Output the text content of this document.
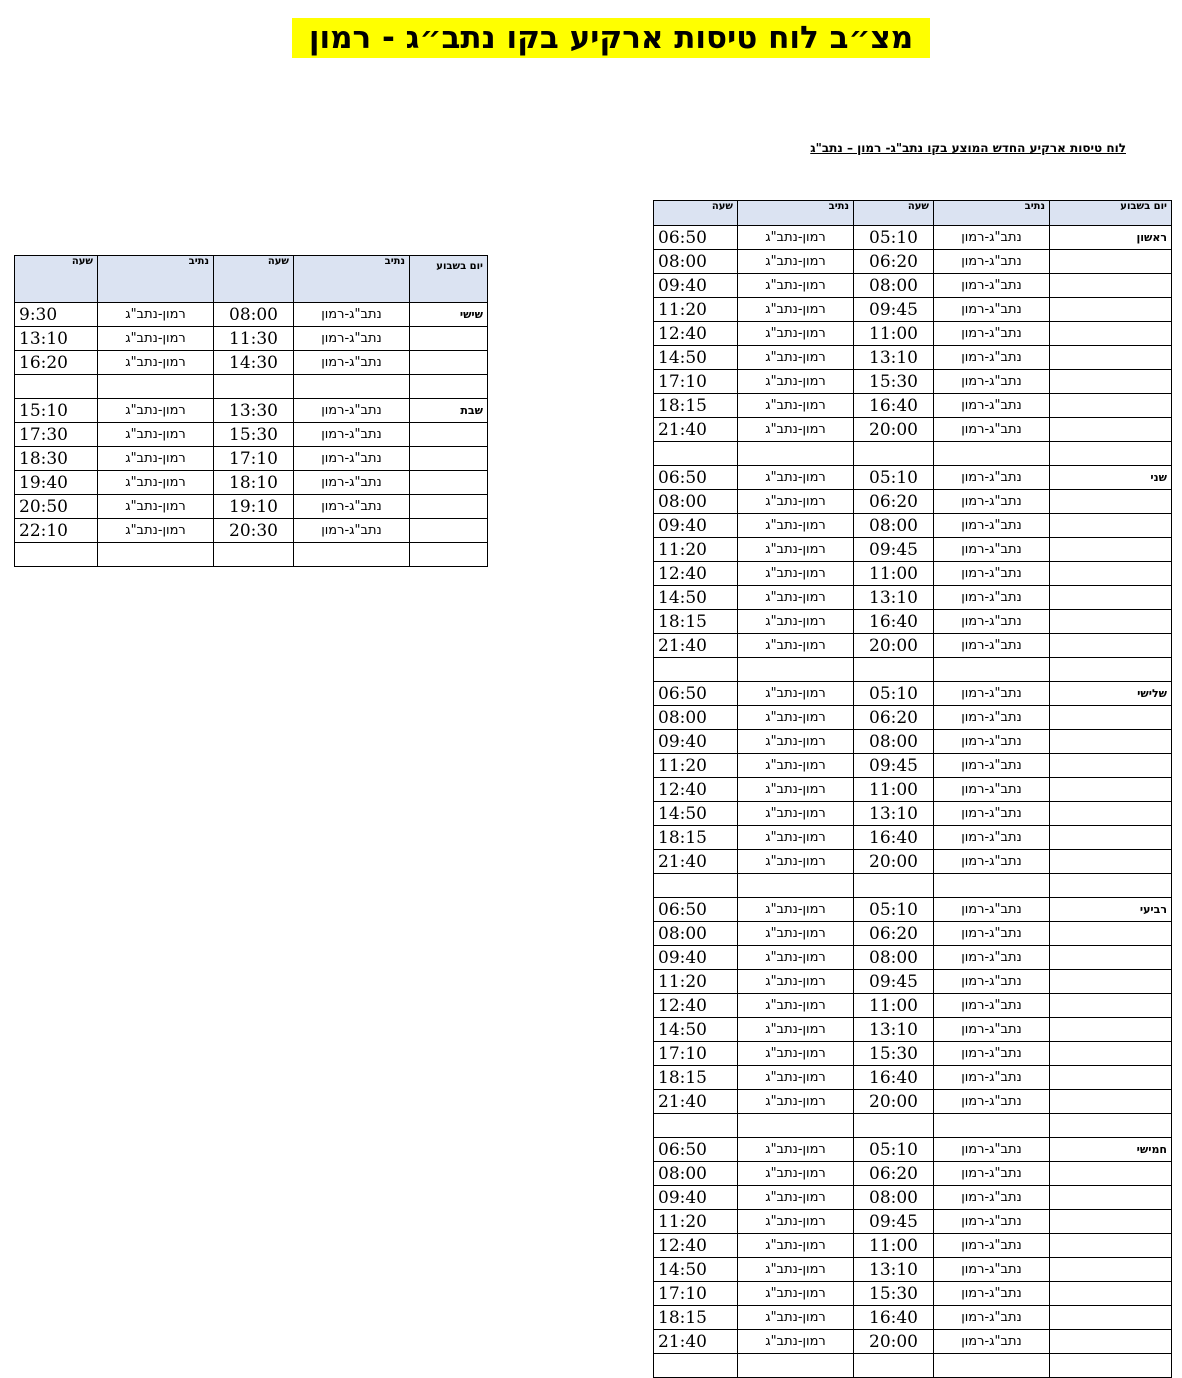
מצ״ב לוח טיסות ארקיע בקו נתב״ג - רמון
לוח טיסות ארקיע החדש המוצע בקו נתב"ג- רמון – נתב"ג
יום בשבוע	נתיב	שעה	נתיב	שעה
ראשון	נתב"ג-רמון	05:10	רמון-נתב"ג	06:50
	נתב"ג-רמון	06:20	רמון-נתב"ג	08:00
	נתב"ג-רמון	08:00	רמון-נתב"ג	09:40
	נתב"ג-רמון	09:45	רמון-נתב"ג	11:20
	נתב"ג-רמון	11:00	רמון-נתב"ג	12:40
	נתב"ג-רמון	13:10	רמון-נתב"ג	14:50
	נתב"ג-רמון	15:30	רמון-נתב"ג	17:10
	נתב"ג-רמון	16:40	רמון-נתב"ג	18:15
	נתב"ג-רמון	20:00	רמון-נתב"ג	21:40

שני	נתב"ג-רמון	05:10	רמון-נתב"ג	06:50
	נתב"ג-רמון	06:20	רמון-נתב"ג	08:00
	נתב"ג-רמון	08:00	רמון-נתב"ג	09:40
	נתב"ג-רמון	09:45	רמון-נתב"ג	11:20
	נתב"ג-רמון	11:00	רמון-נתב"ג	12:40
	נתב"ג-רמון	13:10	רמון-נתב"ג	14:50
	נתב"ג-רמון	16:40	רמון-נתב"ג	18:15
	נתב"ג-רמון	20:00	רמון-נתב"ג	21:40

שלישי	נתב"ג-רמון	05:10	רמון-נתב"ג	06:50
	נתב"ג-רמון	06:20	רמון-נתב"ג	08:00
	נתב"ג-רמון	08:00	רמון-נתב"ג	09:40
	נתב"ג-רמון	09:45	רמון-נתב"ג	11:20
	נתב"ג-רמון	11:00	רמון-נתב"ג	12:40
	נתב"ג-רמון	13:10	רמון-נתב"ג	14:50
	נתב"ג-רמון	16:40	רמון-נתב"ג	18:15
	נתב"ג-רמון	20:00	רמון-נתב"ג	21:40

רביעי	נתב"ג-רמון	05:10	רמון-נתב"ג	06:50
	נתב"ג-רמון	06:20	רמון-נתב"ג	08:00
	נתב"ג-רמון	08:00	רמון-נתב"ג	09:40
	נתב"ג-רמון	09:45	רמון-נתב"ג	11:20
	נתב"ג-רמון	11:00	רמון-נתב"ג	12:40
	נתב"ג-רמון	13:10	רמון-נתב"ג	14:50
	נתב"ג-רמון	15:30	רמון-נתב"ג	17:10
	נתב"ג-רמון	16:40	רמון-נתב"ג	18:15
	נתב"ג-רמון	20:00	רמון-נתב"ג	21:40

חמישי	נתב"ג-רמון	05:10	רמון-נתב"ג	06:50
	נתב"ג-רמון	06:20	רמון-נתב"ג	08:00
	נתב"ג-רמון	08:00	רמון-נתב"ג	09:40
	נתב"ג-רמון	09:45	רמון-נתב"ג	11:20
	נתב"ג-רמון	11:00	רמון-נתב"ג	12:40
	נתב"ג-רמון	13:10	רמון-נתב"ג	14:50
	נתב"ג-רמון	15:30	רמון-נתב"ג	17:10
	נתב"ג-רמון	16:40	רמון-נתב"ג	18:15
	נתב"ג-רמון	20:00	רמון-נתב"ג	21:40

יום בשבוע	נתיב	שעה	נתיב	שעה
שישי	נתב"ג-רמון	08:00	רמון-נתב"ג	9:30
	נתב"ג-רמון	11:30	רמון-נתב"ג	13:10
	נתב"ג-רמון	14:30	רמון-נתב"ג	16:20

שבת	נתב"ג-רמון	13:30	רמון-נתב"ג	15:10
	נתב"ג-רמון	15:30	רמון-נתב"ג	17:30
	נתב"ג-רמון	17:10	רמון-נתב"ג	18:30
	נתב"ג-רמון	18:10	רמון-נתב"ג	19:40
	נתב"ג-רמון	19:10	רמון-נתב"ג	20:50
	נתב"ג-רמון	20:30	רמון-נתב"ג	22:10
